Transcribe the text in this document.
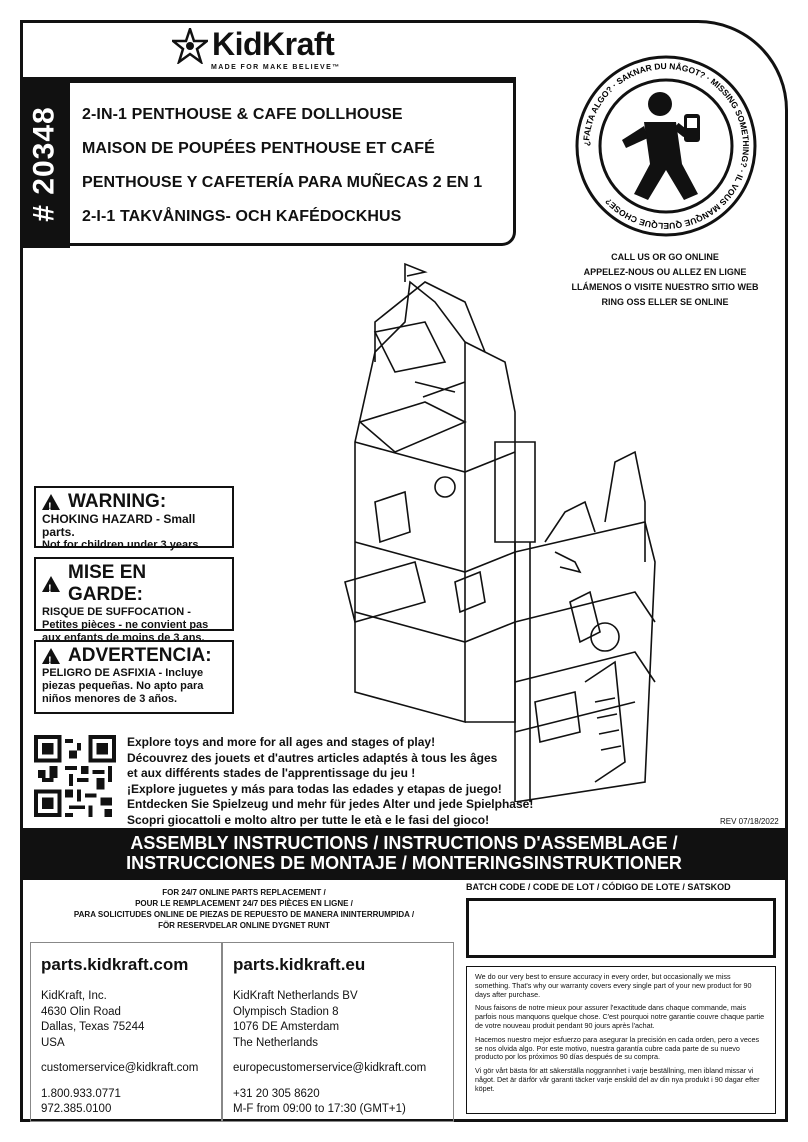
KidKraft
MADE FOR MAKE BELIEVE™
# 20348 2-IN-1 PENTHOUSE & CAFE DOLLHOUSE
MAISON DE POUPÉES PENTHOUSE ET CAFÉ
PENTHOUSE Y CAFETERÍA PARA MUÑECAS 2 EN 1
2-I-1 TAKVÅNINGS- OCH KAFÉDOCKHUS
¿FALTA ALGO? · SAKNAR DU NÅGOT? · MISSING SOMETHING? · IL VOUS MANQUE QUELQUE CHOSE?
CALL US OR GO ONLINE
APPELEZ-NOUS OU ALLEZ EN LIGNE
LLÁMENOS O VISITE NUESTRO SITIO WEB
RING OSS ELLER SE ONLINE
!
WARNING:
CHOKING HAZARD - Small parts.
Not for children under 3 years.
!
MISE EN GARDE:
RISQUE DE SUFFOCATION -
Petites pièces - ne convient pas
aux enfants de moins de 3 ans.
!
ADVERTENCIA:
PELIGRO DE ASFIXIA - Incluye
piezas pequeñas. No apto para
niños menores de 3 años.
Explore toys and more for all ages and stages of play!
Découvrez des jouets et d'autres articles adaptés à tous les âges
et aux différents stades de l'apprentissage du jeu !
¡Explore juguetes y más para todas las edades y etapas de juego!
Entdecken Sie Spielzeug und mehr für jedes Alter und jede Spielphase!
Scopri giocattoli e molto altro per tutte le età e le fasi del gioco!	REV 07/18/2022
ASSEMBLY INSTRUCTIONS / INSTRUCTIONS D'ASSEMBLAGE /
INSTRUCCIONES DE MONTAJE / MONTERINGSINSTRUKTIONER
FOR 24/7 ONLINE PARTS REPLACEMENT /
POUR LE REMPLACEMENT 24/7 DES PIÈCES EN LIGNE /
PARA SOLICITUDES ONLINE DE PIEZAS DE REPUESTO DE MANERA ININTERRUMPIDA /
FÖR RESERVDELAR ONLINE DYGNET RUNT
parts.kidkraft.com
KidKraft, Inc.
4630 Olin Road
Dallas, Texas 75244
USA
customerservice@kidkraft.com
1.800.933.0771
972.385.0100
parts.kidkraft.eu
KidKraft Netherlands BV
Olympisch Stadion 8
1076 DE Amsterdam
The Netherlands
europecustomerservice@kidkraft.com
+31 20 305 8620
M-F from 09:00 to 17:30 (GMT+1)
BATCH CODE / CODE DE LOT / CÓDIGO DE LOTE / SATSKOD

We do our very best to ensure accuracy in every order, but occasionally we miss something. That's why our warranty covers every single part of your new product for 90 days after purchase.

Nous faisons de notre mieux pour assurer l'exactitude dans chaque commande, mais parfois nous manquons quelque chose. C'est pourquoi notre garantie couvre chaque partie de votre nouveau produit pendant 90 jours après l'achat.

Hacemos nuestro mejor esfuerzo para asegurar la precisión en cada orden, pero a veces se nos olvida algo. Por este motivo, nuestra garantía cubre cada parte de su nuevo producto por los próximos 90 días después de su compra.

Vi gör vårt bästa för att säkerställa noggrannhet i varje beställning, men ibland missar vi något. Det är därför vår garanti täcker varje enskild del av din nya produkt i 90 dagar efter köpet.
